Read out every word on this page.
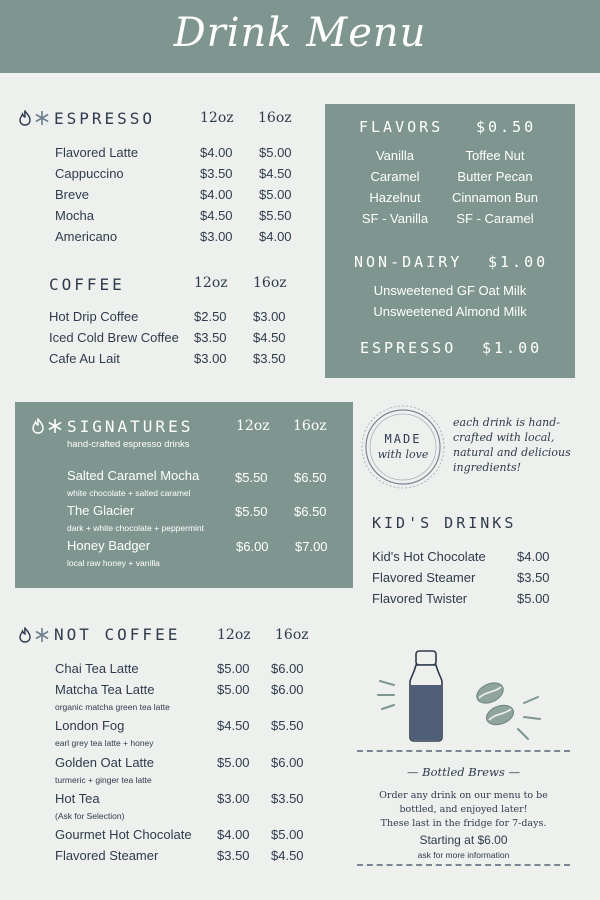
Drink Menu
ESPRESSO	12oz 16oz
Flavored Latte	$4.00 $5.00
Cappuccino	$3.50 $4.50
Breve	$4.00 $5.00
Mocha	$4.50 $5.50
Americano	$3.00 $4.00
COFFEE	12oz 16oz
Hot Drip Coffee	$2.50 $3.00
Iced Cold Brew Coffee $3.50 $4.50
Cafe Au Lait	$3.00 $3.50
FLAVORS $0.50
Vanilla	Toffee Nut
Caramel	Butter Pecan
Hazelnut	Cinnamon Bun
SF - Vanilla	SF - Caramel
NON-DAIRY $1.00
Unsweetened GF Oat Milk
Unsweetened Almond Milk
ESPRESSO $1.00
SIGNATURES
hand-crafted espresso drinks
12oz 16oz
Salted Caramel Mocha
white chocolate + salted caramel
$5.50 $6.50
The Glacier
dark + white chocolate + peppermint
$5.50 $6.50
Honey Badger
local raw honey + vanilla
$6.00 $7.00
MADE
with love
each drink is hand-crafted with local, natural and delicious ingredients!
KID'S DRINKS
Kid's Hot Chocolate $4.00
Flavored Steamer	$3.50
Flavored Twister	$5.00
NOT COFFEE	12oz 16oz
Chai Tea Latte	$5.00 $6.00
Matcha Tea Latte
organic matcha green tea latte
$5.00 $6.00
London Fog
earl grey tea latte + honey
$4.50 $5.50
Golden Oat Latte
turmeric + ginger tea latte
$5.00 $6.00
Hot Tea
(Ask for Selection)
$3.00 $3.50
Gourmet Hot Chocolate $4.00 $5.00
Flavored Steamer	$3.50 $4.50
— Bottled Brews —
Order any drink on our menu to be
bottled, and enjoyed later!
These last in the fridge for 7-days.
Starting at $6.00
ask for more information
